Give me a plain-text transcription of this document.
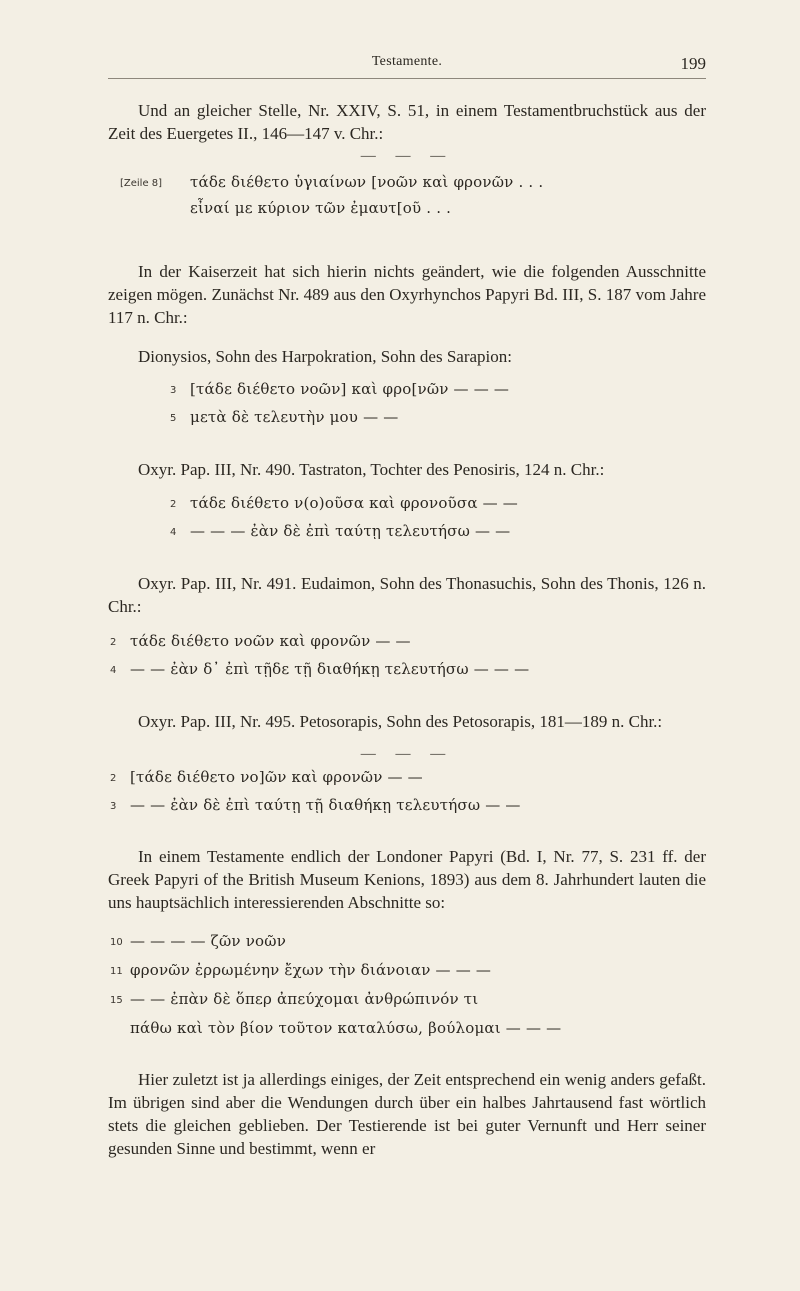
Testamente.	199

Und an gleicher Stelle, Nr. XXIV, S. 51, in einem Testamentbruchstück aus der Zeit des Euergetes II., 146—147 v. Chr.:

— — —
[Zeile 8] τάδε διέθετο ὑγιαίνων [νοῶν καὶ φρονῶν . . .
εἶναί με κύριον τῶν ἐμαυτ[οῦ . . .

In der Kaiserzeit hat sich hierin nichts geändert, wie die folgenden Ausschnitte zeigen mögen. Zunächst Nr. 489 aus den Oxyrhynchos Papyri Bd. III, S. 187 vom Jahre 117 n. Chr.:

Dionysios, Sohn des Harpokration, Sohn des Sarapion:

3 [τάδε διέθετο νοῶν] καὶ φρο[νῶν — — —
5 μετὰ δὲ τελευτὴν μου — —

Oxyr. Pap. III, Nr. 490. Tastraton, Tochter des Penosiris, 124 n. Chr.:

2 τάδε διέθετο ν(ο)οῦσα καὶ φρονοῦσα — —
4 — — — ἐὰν δὲ ἐπὶ ταύτῃ τελευτήσω — —

Oxyr. Pap. III, Nr. 491. Eudaimon, Sohn des Thonasuchis, Sohn des Thonis, 126 n. Chr.:

2 τάδε διέθετο νοῶν καὶ φρονῶν — —
4 — — ἐὰν δ᾽ ἐπὶ τῇδε τῇ διαθήκῃ τελευτήσω — — —

Oxyr. Pap. III, Nr. 495. Petosorapis, Sohn des Petosorapis, 181—189 n. Chr.:

— — —
2 [τάδε διέθετο νο]ῶν καὶ φρονῶν — —
3 — — ἐὰν δὲ ἐπὶ ταύτῃ τῇ διαθήκῃ τελευτήσω — —

In einem Testamente endlich der Londoner Papyri (Bd. I, Nr. 77, S. 231 ff. der Greek Papyri of the British Museum Kenions, 1893) aus dem 8. Jahrhundert lauten die uns hauptsächlich interessierenden Abschnitte so:

10 — — — — ζῶν νοῶν
11 φρονῶν ἐρρωμένην ἔχων τὴν διάνοιαν — — —
15 — — ἐπὰν δὲ ὅπερ ἀπεύχομαι ἀνθρώπινόν τι
πάθω καὶ τὸν βίον τοῦτον καταλύσω, βούλομαι — — —

Hier zuletzt ist ja allerdings einiges, der Zeit entsprechend ein wenig anders gefaßt. Im übrigen sind aber die Wendungen durch über ein halbes Jahrtausend fast wörtlich stets die gleichen geblieben. Der Testierende ist bei guter Vernunft und Herr seiner gesunden Sinne und bestimmt, wenn er
